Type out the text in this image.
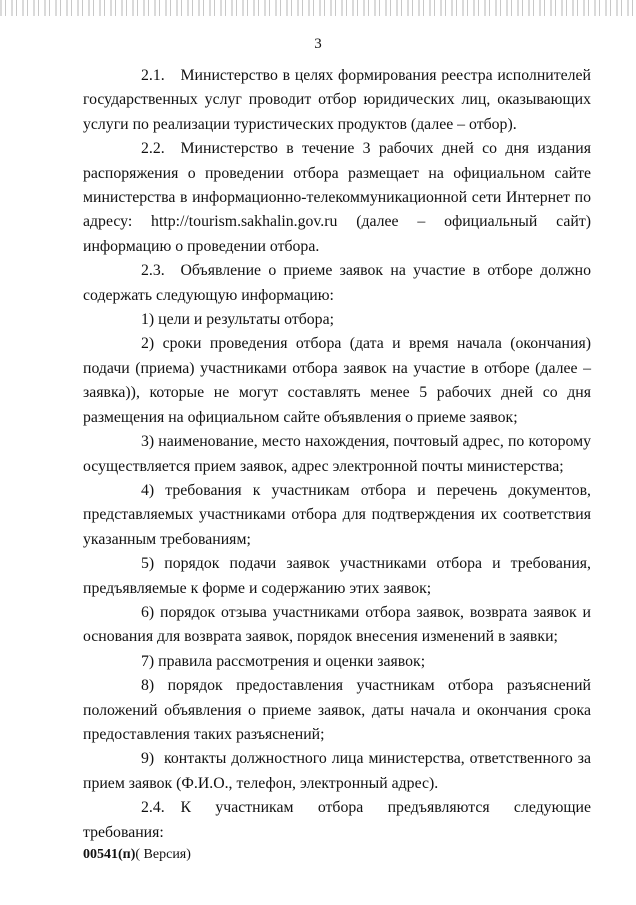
3

2.1.  Министерство в целях формирования реестра исполнителей государственных услуг проводит отбор юридических лиц, оказывающих услуги по реализации туристических продуктов (далее – отбор).

2.2.  Министерство в течение 3 рабочих дней со дня издания распоряжения о проведении отбора размещает на официальном сайте министерства в информационно-телекоммуникационной сети Интернет по адресу: http://tourism.sakhalin.gov.ru (далее – официальный сайт) информацию о проведении отбора.

2.3.  Объявление о приеме заявок на участие в отборе должно содержать следующую информацию:

1) цели и результаты отбора;

2) сроки проведения отбора (дата и время начала (окончания) подачи (приема) участниками отбора заявок на участие в отборе (далее – заявка)), которые не могут составлять менее 5 рабочих дней со дня размещения на официальном сайте объявления о приеме заявок;

3) наименование, место нахождения, почтовый адрес, по которому осуществляется прием заявок, адрес электронной почты министерства;

4) требования к участникам отбора и перечень документов, представляемых участниками отбора для подтверждения их соответствия указанным требованиям;

5) порядок подачи заявок участниками отбора и требования, предъявляемые к форме и содержанию этих заявок;

6) порядок отзыва участниками отбора заявок, возврата заявок и основания для возврата заявок, порядок внесения изменений в заявки;

7) правила рассмотрения и оценки заявок;

8) порядок предоставления участникам отбора разъяснений положений объявления о приеме заявок, даты начала и окончания срока предоставления таких разъяснений;

9) контакты должностного лица министерства, ответственного за прием заявок (Ф.И.О., телефон, электронный адрес).

2.4.  К участникам отбора предъявляются следующие требования:

00541(п)( Версия)
